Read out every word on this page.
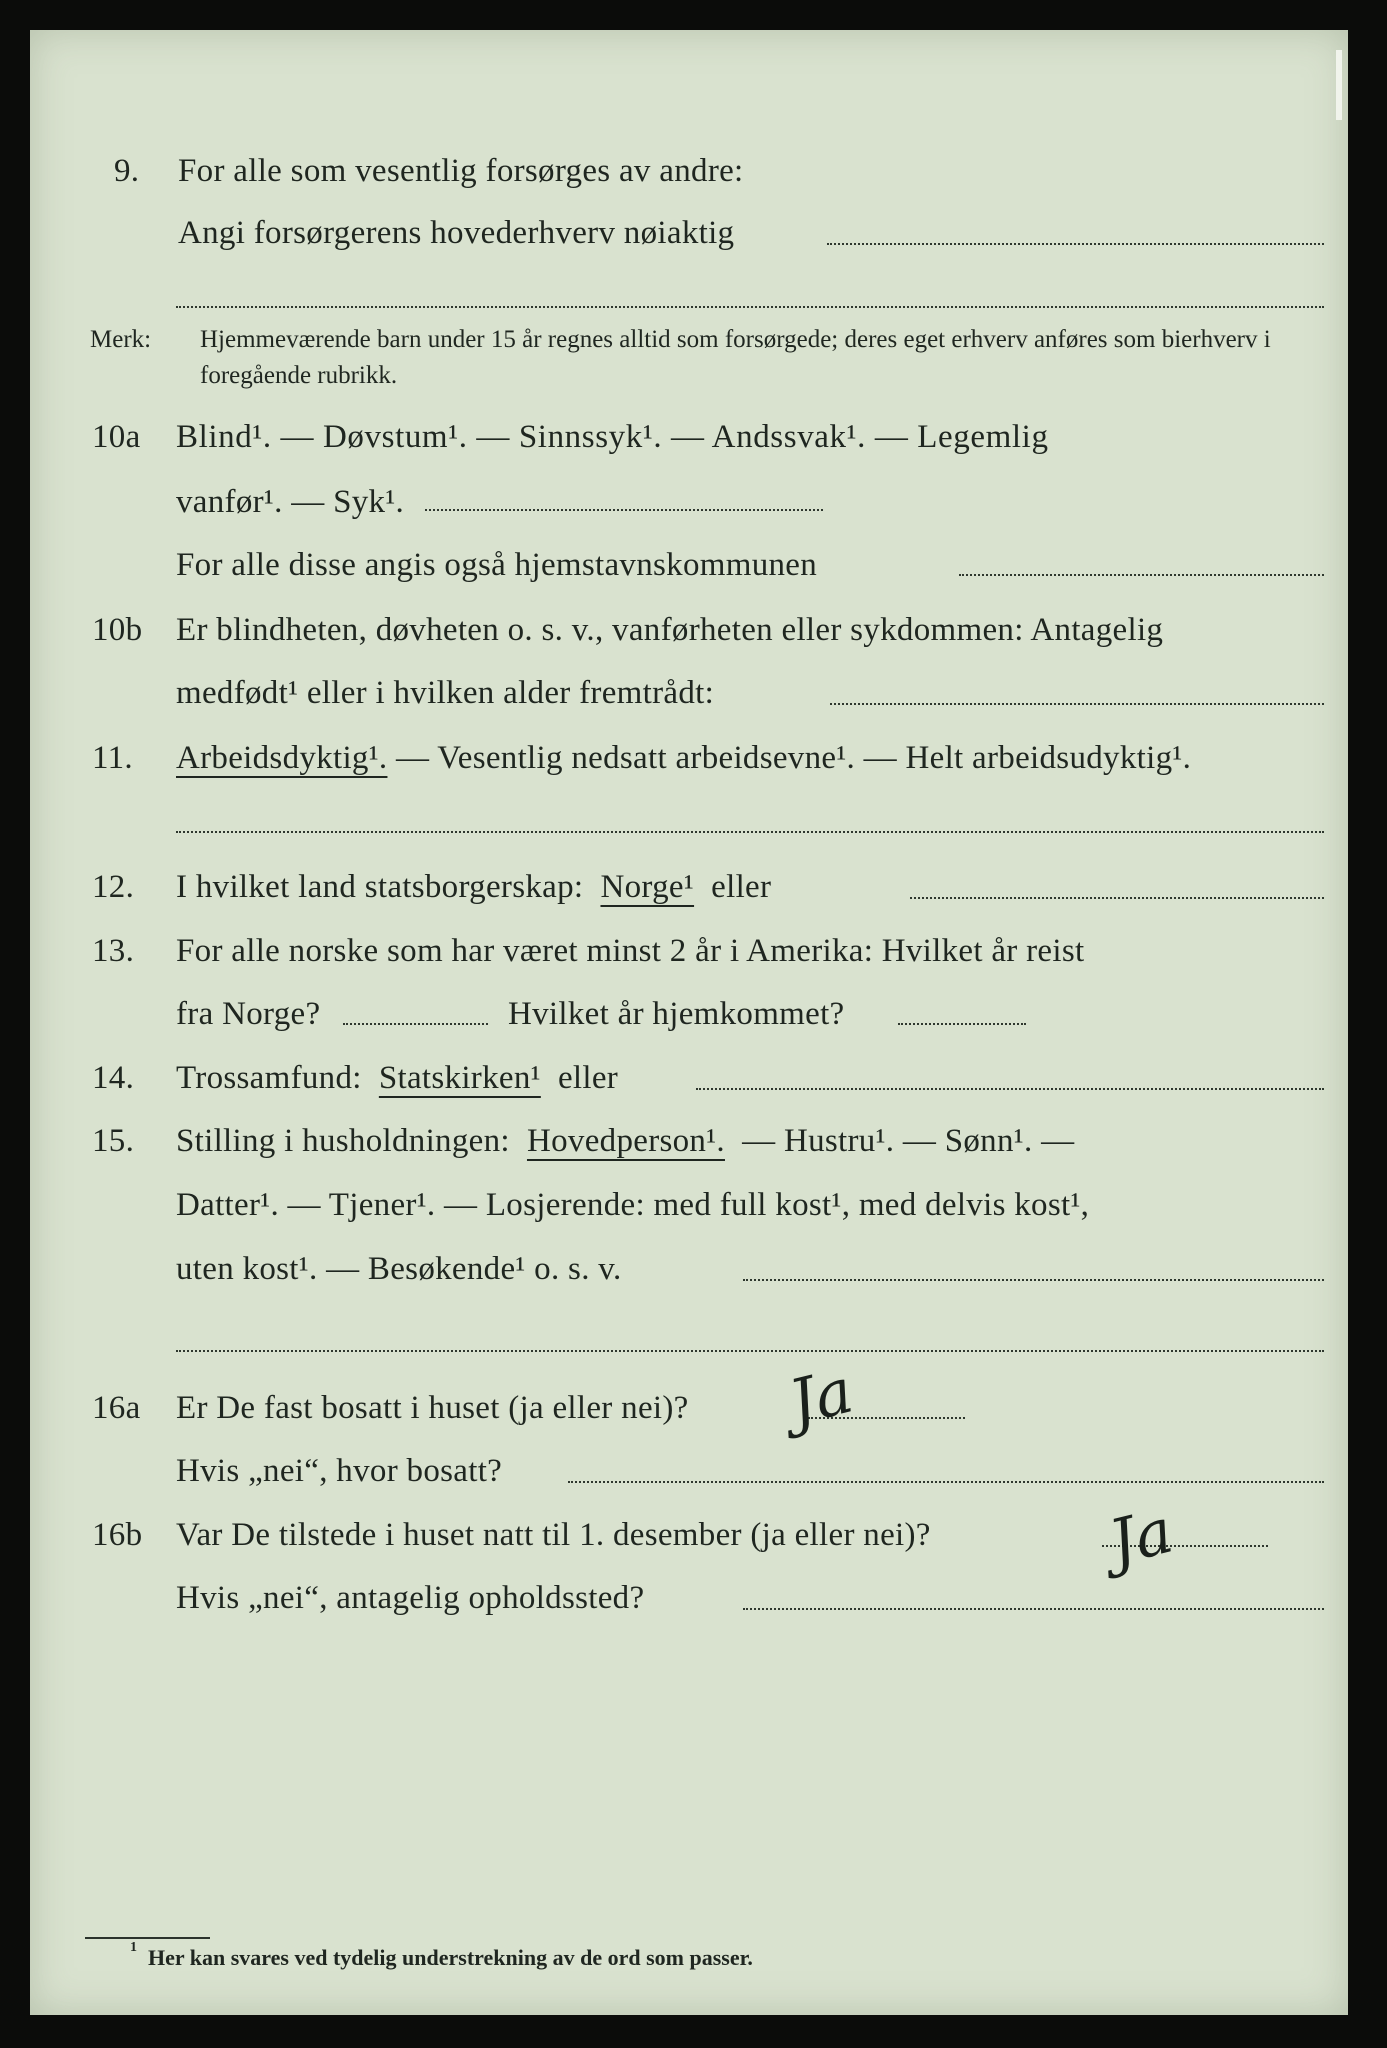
9.	For alle som vesentlig forsørges av andre:
Angi forsørgerens hovederhverv nøiaktig
Merk: Hjemmeværende barn under 15 år regnes alltid som forsørgede; deres eget erhverv anføres som bierhverv i foregående rubrikk.
10a	Blind¹. — Døvstum¹. — Sinnssyk¹. — Andssvak¹. — Legemlig
vanfør¹. — Syk¹.
For alle disse angis også hjemstavnskommunen
10b	Er blindheten, døvheten o. s. v., vanførheten eller sykdommen: Antagelig
medfødt¹ eller i hvilken alder fremtrådt:
11.	Arbeidsdyktig¹. — Vesentlig nedsatt arbeidsevne¹. — Helt arbeidsudyktig¹.
12.	I hvilket land statsborgerskap: Norge¹ eller
13.	For alle norske som har været minst 2 år i Amerika: Hvilket år reist
fra Norge?	Hvilket år hjemkommet?
14.	Trossamfund: Statskirken¹ eller
15.	Stilling i husholdningen: Hovedperson¹. — Hustru¹. — Sønn¹. —
Datter¹. — Tjener¹. — Losjerende: med full kost¹, med delvis kost¹,
uten kost¹. — Besøkende¹ o. s. v.
16a	Er De fast bosatt i huset (ja eller nei)? Ja
Hvis „nei“, hvor bosatt?
16b	Var De tilstede i huset natt til 1. desember (ja eller nei)?	Ja
Hvis „nei“, antagelig opholdssted?
$^1$ Her kan svares ved tydelig understrekning av de ord som passer.
